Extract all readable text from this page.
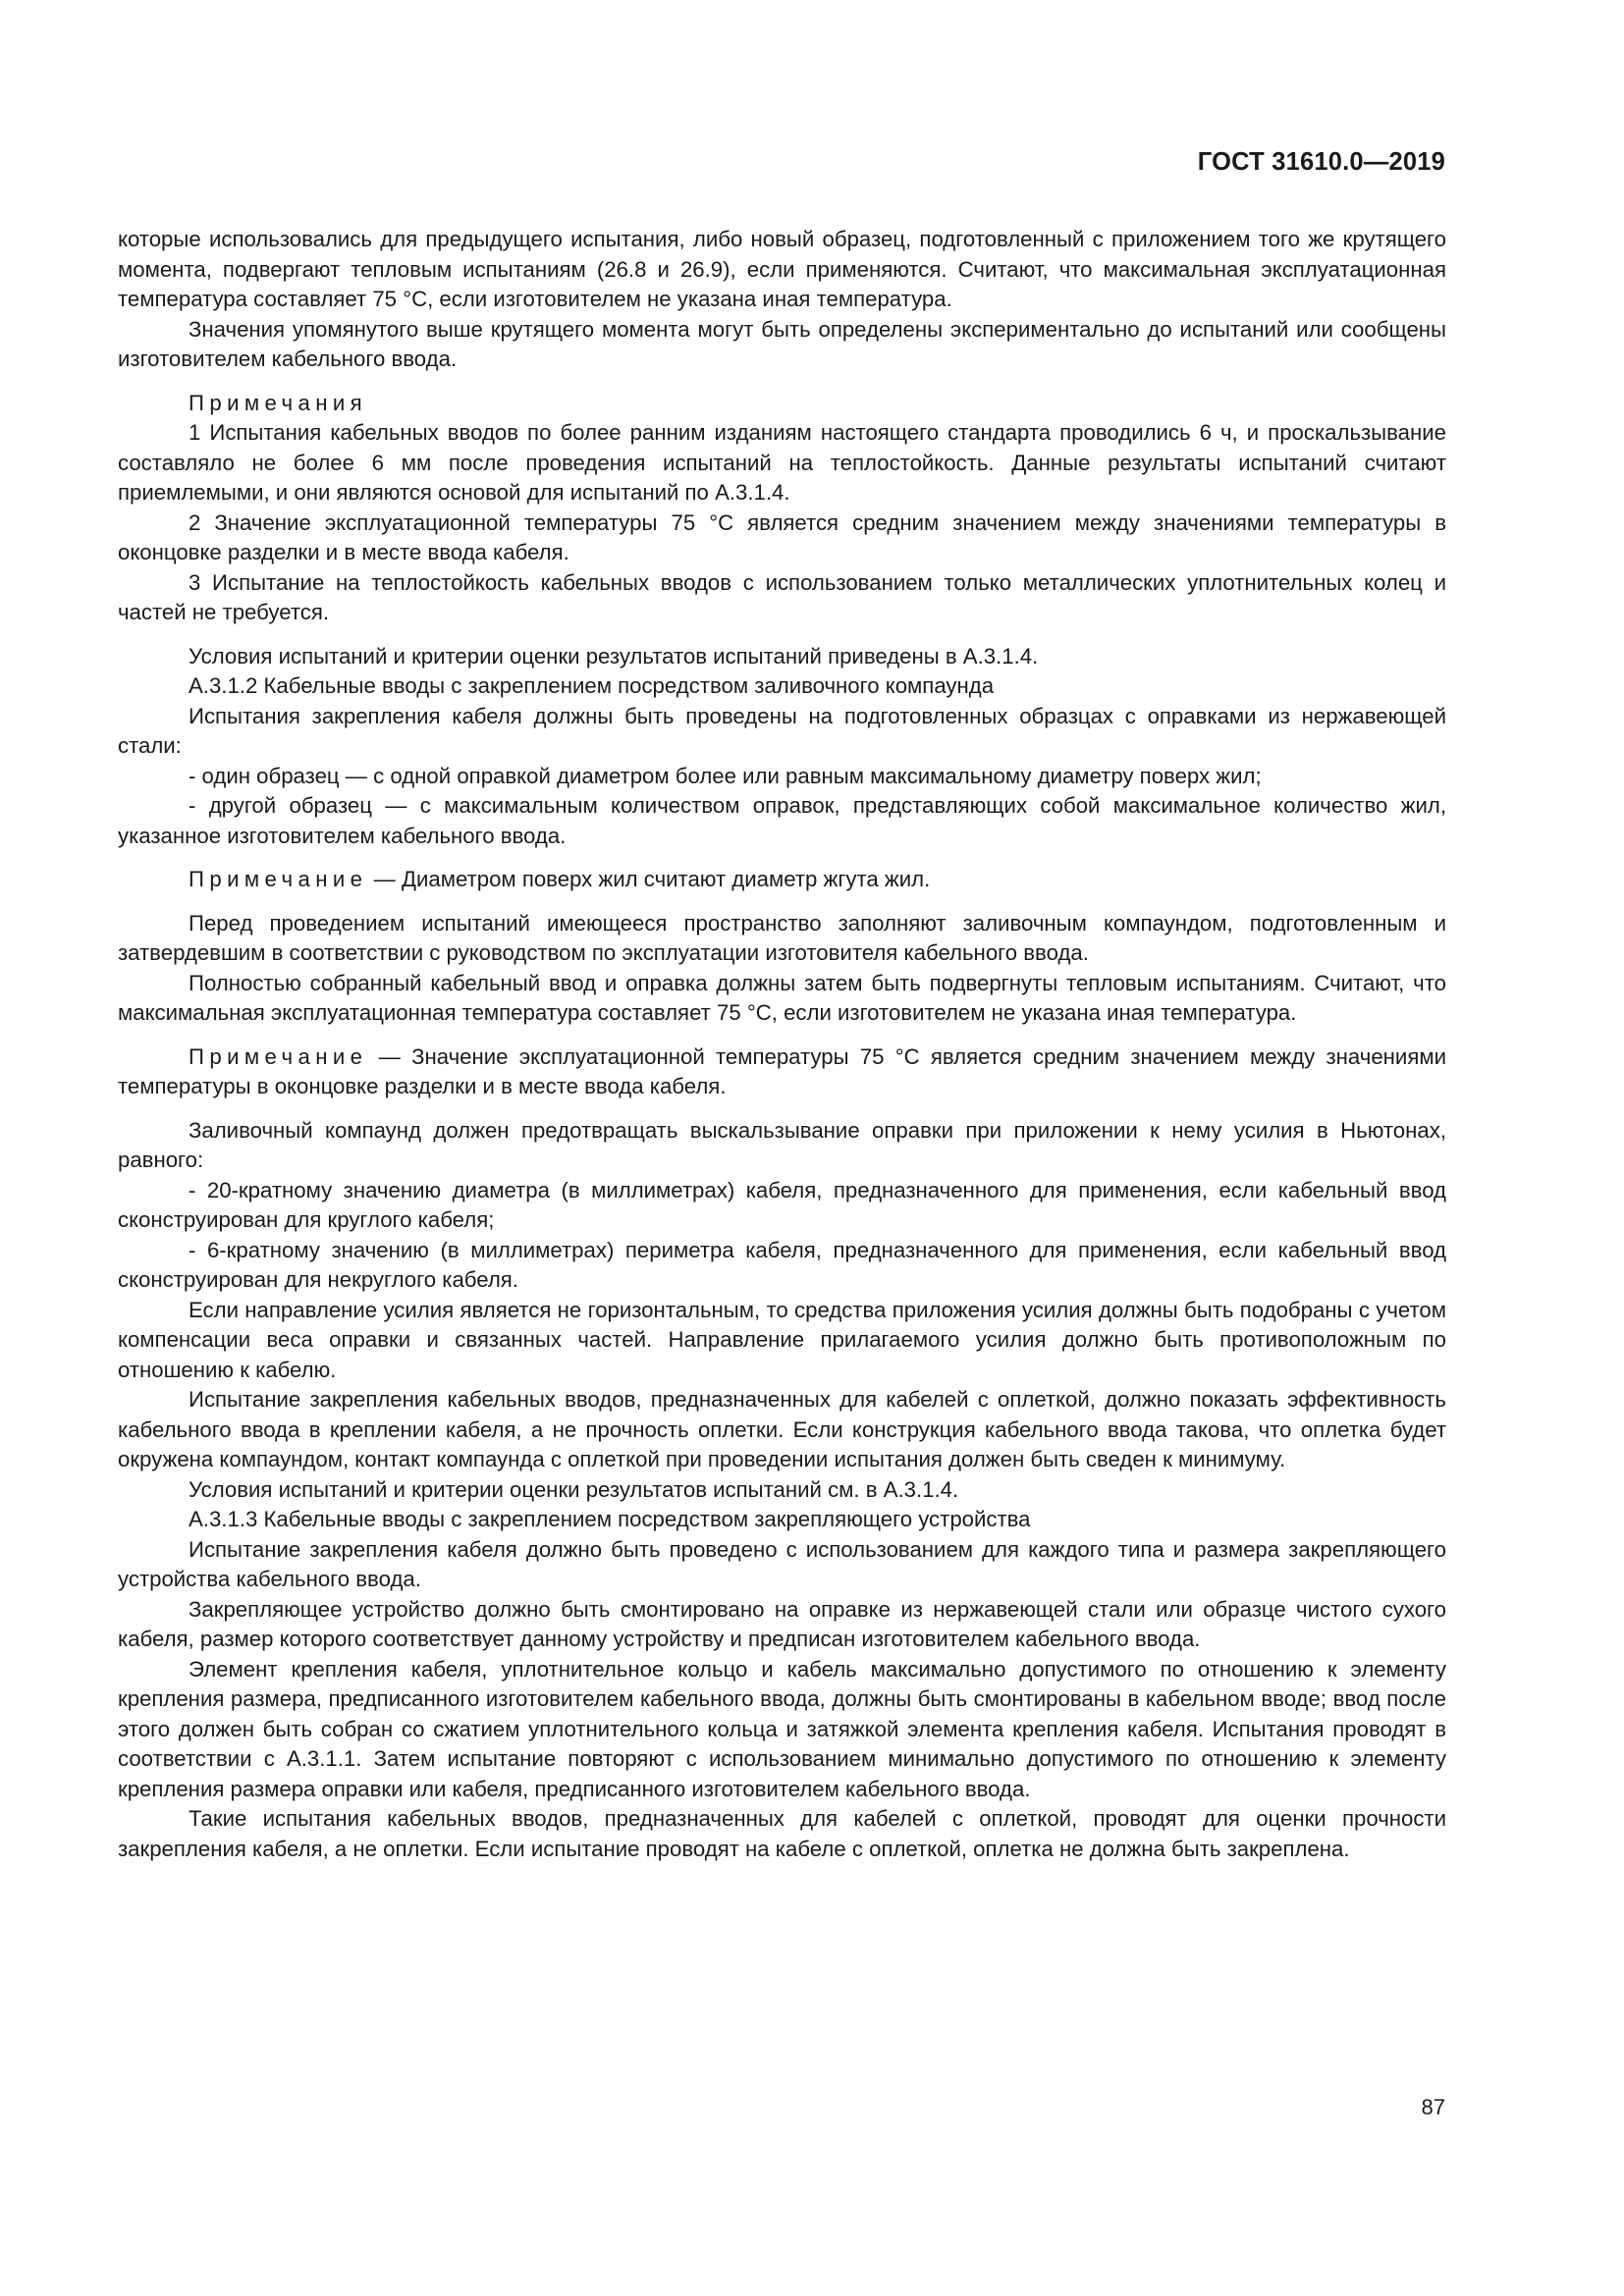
ГОСТ 31610.0—2019

которые использовались для предыдущего испытания, либо новый образец, подготовленный с приложением того же крутящего момента, подвергают тепловым испытаниям (26.8 и 26.9), если применяются. Считают, что максимальная эксплуатационная температура составляет 75 °С, если изготовителем не указана иная температура.

Значения упомянутого выше крутящего момента могут быть определены экспериментально до испытаний или сообщены изготовителем кабельного ввода.

Примечания

1 Испытания кабельных вводов по более ранним изданиям настоящего стандарта проводились 6 ч, и проскальзывание составляло не более 6 мм после проведения испытаний на теплостойкость. Данные результаты испытаний считают приемлемыми, и они являются основой для испытаний по А.3.1.4.

2 Значение эксплуатационной температуры 75 °С является средним значением между значениями температуры в оконцовке разделки и в месте ввода кабеля.

3 Испытание на теплостойкость кабельных вводов с использованием только металлических уплотнительных колец и частей не требуется.

Условия испытаний и критерии оценки результатов испытаний приведены в А.3.1.4.

А.3.1.2 Кабельные вводы с закреплением посредством заливочного компаунда

Испытания закрепления кабеля должны быть проведены на подготовленных образцах с оправками из нержавеющей стали:

- один образец — с одной оправкой диаметром более или равным максимальному диаметру поверх жил;

- другой образец — с максимальным количеством оправок, представляющих собой максимальное количество жил, указанное изготовителем кабельного ввода.

Примечание — Диаметром поверх жил считают диаметр жгута жил.

Перед проведением испытаний имеющееся пространство заполняют заливочным компаундом, подготовленным и затвердевшим в соответствии с руководством по эксплуатации изготовителя кабельного ввода.

Полностью собранный кабельный ввод и оправка должны затем быть подвергнуты тепловым испытаниям. Считают, что максимальная эксплуатационная температура составляет 75 °С, если изготовителем не указана иная температура.

Примечание — Значение эксплуатационной температуры 75 °С является средним значением между значениями температуры в оконцовке разделки и в месте ввода кабеля.

Заливочный компаунд должен предотвращать выскальзывание оправки при приложении к нему усилия в Ньютонах, равного:

- 20-кратному значению диаметра (в миллиметрах) кабеля, предназначенного для применения, если кабельный ввод сконструирован для круглого кабеля;

- 6-кратному значению (в миллиметрах) периметра кабеля, предназначенного для применения, если кабельный ввод сконструирован для некруглого кабеля.

Если направление усилия является не горизонтальным, то средства приложения усилия должны быть подобраны с учетом компенсации веса оправки и связанных частей. Направление прилагаемого усилия должно быть противоположным по отношению к кабелю.

Испытание закрепления кабельных вводов, предназначенных для кабелей с оплеткой, должно показать эффективность кабельного ввода в креплении кабеля, а не прочность оплетки. Если конструкция кабельного ввода такова, что оплетка будет окружена компаундом, контакт компаунда с оплеткой при проведении испытания должен быть сведен к минимуму.

Условия испытаний и критерии оценки результатов испытаний см. в А.3.1.4.

А.3.1.3 Кабельные вводы с закреплением посредством закрепляющего устройства

Испытание закрепления кабеля должно быть проведено с использованием для каждого типа и размера закрепляющего устройства кабельного ввода.

Закрепляющее устройство должно быть смонтировано на оправке из нержавеющей стали или образце чистого сухого кабеля, размер которого соответствует данному устройству и предписан изготовителем кабельного ввода.

Элемент крепления кабеля, уплотнительное кольцо и кабель максимально допустимого по отношению к элементу крепления размера, предписанного изготовителем кабельного ввода, должны быть смонтированы в кабельном вводе; ввод после этого должен быть собран со сжатием уплотнительного кольца и затяжкой элемента крепления кабеля. Испытания проводят в соответствии с А.3.1.1. Затем испытание повторяют с использованием минимально допустимого по отношению к элементу крепления размера оправки или кабеля, предписанного изготовителем кабельного ввода.

Такие испытания кабельных вводов, предназначенных для кабелей с оплеткой, проводят для оценки прочности закрепления кабеля, а не оплетки. Если испытание проводят на кабеле с оплеткой, оплетка не должна быть закреплена.

87
